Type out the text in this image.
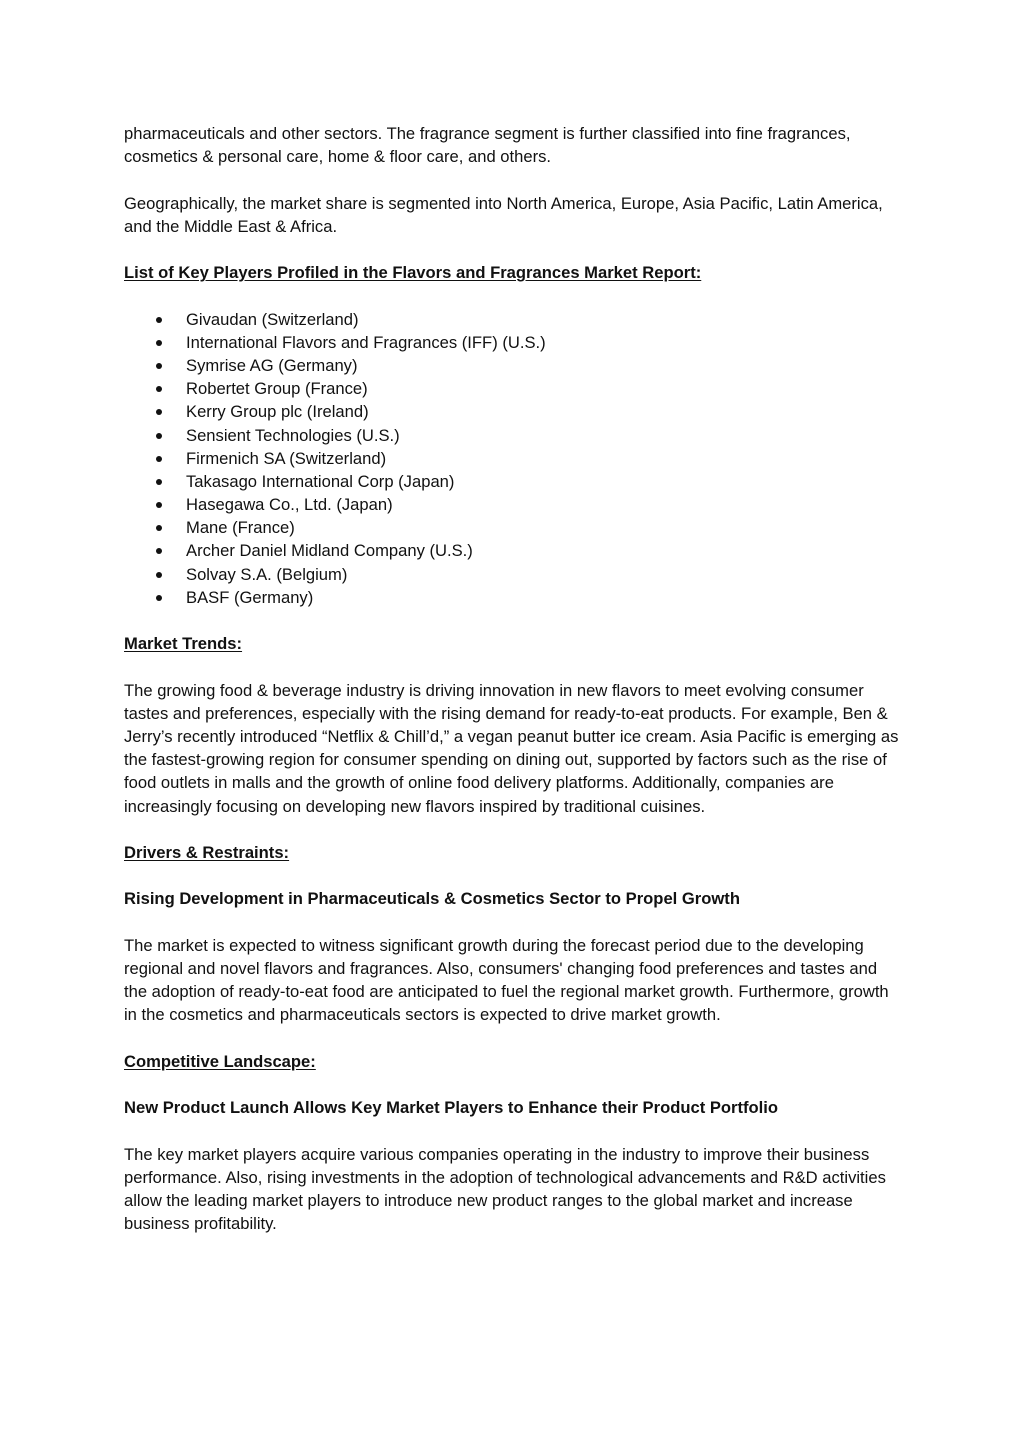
pharmaceuticals and other sectors. The fragrance segment is further classified into fine fragrances, cosmetics & personal care, home & floor care, and others.

Geographically, the market share is segmented into North America, Europe, Asia Pacific, Latin America, and the Middle East & Africa.

List of Key Players Profiled in the Flavors and Fragrances Market Report:

Givaudan (Switzerland)
International Flavors and Fragrances (IFF) (U.S.)
Symrise AG (Germany)
Robertet Group (France)
Kerry Group plc (Ireland)
Sensient Technologies (U.S.)
Firmenich SA (Switzerland)
Takasago International Corp (Japan)
Hasegawa Co., Ltd. (Japan)
Mane (France)
Archer Daniel Midland Company (U.S.)
Solvay S.A. (Belgium)
BASF (Germany)

Market Trends:

The growing food & beverage industry is driving innovation in new flavors to meet evolving consumer tastes and preferences, especially with the rising demand for ready-to-eat products. For example, Ben & Jerry’s recently introduced “Netflix & Chill’d,” a vegan peanut butter ice cream. Asia Pacific is emerging as the fastest-growing region for consumer spending on dining out, supported by factors such as the rise of food outlets in malls and the growth of online food delivery platforms. Additionally, companies are increasingly focusing on developing new flavors inspired by traditional cuisines.

Drivers & Restraints:

Rising Development in Pharmaceuticals & Cosmetics Sector to Propel Growth

The market is expected to witness significant growth during the forecast period due to the developing regional and novel flavors and fragrances. Also, consumers' changing food preferences and tastes and the adoption of ready-to-eat food are anticipated to fuel the regional market growth. Furthermore, growth in the cosmetics and pharmaceuticals sectors is expected to drive market growth.

Competitive Landscape:

New Product Launch Allows Key Market Players to Enhance their Product Portfolio

The key market players acquire various companies operating in the industry to improve their business performance. Also, rising investments in the adoption of technological advancements and R&D activities allow the leading market players to introduce new product ranges to the global market and increase business profitability.
